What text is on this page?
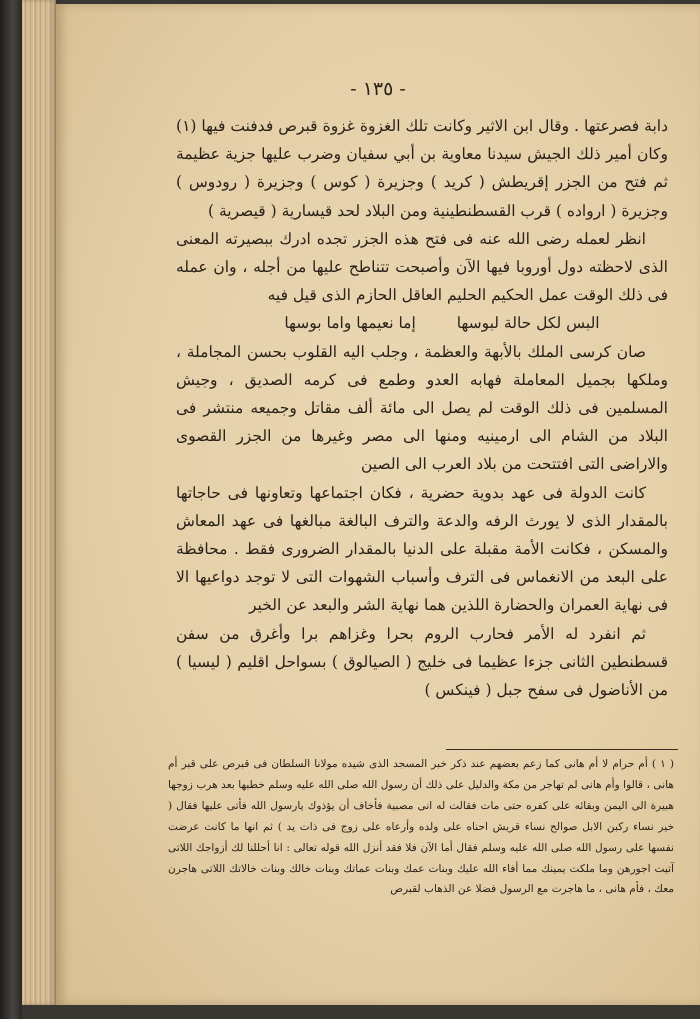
- ١٣٥ -

دابة فصرعتها . وقال ابن الاثير وكانت تلك الغزوة غزوة قبرص فدفنت فيها (١) وكان أمير ذلك الجيش سيدنا معاوية بن أبي سفيان وضرب عليها جزية عظيمة ثم فتح من الجزر إقريطش ( كريد ) وجزيرة ( كوس ) وجزيرة ( رودوس ) وجزيرة ( ارواده ) قرب القسطنطينية ومن البلاد لحد قيسارية ( قيصرية )

انظر لعمله رضى الله عنه فى فتح هذه الجزر تجده ادرك ببصيرته المعنى الذى لاحظته دول أوروبا فيها الآن وأصبحت تتناطح عليها من أجله ، وان عمله فى ذلك الوقت عمل الحكيم الحليم العاقل الحازم الذى قيل فيه

البس لكل حالة لبوسها إما نعيمها واما بوسها

صان كرسى الملك بالأبهة والعظمة ، وجلب اليه القلوب بحسن المجاملة ، وملكها بجميل المعاملة فهابه العدو وطمع فى كرمه الصديق ، وجيش المسلمين فى ذلك الوقت لم يصل الى مائة ألف مقاتل وجميعه منتشر فى البلاد من الشام الى ارمينيه ومنها الى مصر وغيرها من الجزر القصوى والاراضى التى افتتحت من بلاد العرب الى الصين

كانت الدولة فى عهد بدوية حضرية ، فكان اجتماعها وتعاونها فى حاجاتها بالمقدار الذى لا يورث الرفه والدعة والترف البالغة مبالغها فى عهد المعاش والمسكن ، فكانت الأمة مقبلة على الدنيا بالمقدار الضرورى فقط . محافظة على البعد من الانغماس فى الترف وأسباب الشهوات التى لا توجد دواعيها الا فى نهاية العمران والحضارة اللذين هما نهاية الشر والبعد عن الخير

ثم انفرد له الأمر فحارب الروم بحرا وغزاهم برا وأغرق من سفن قسطنطين الثانى جزءا عظيما فى خليج ( الصيالوق ) بسواحل اقليم ( ليسيا ) من الأناضول فى سفح جبل ( فينكس )

( ١ ) أم حرام لا أم هانى كما زعم بعضهم عند ذكر خبر المسجد الذى شيده مولانا السلطان فى قبرص على قبر أم هانى ، قالوا وأم هانى لم تهاجر من مكة والدليل على ذلك أن رسول الله صلى الله عليه وسلم خطبها بعد هرب زوجها هبيرة الى اليمن وبقائه على كفره حتى مات فقالت له انى مصبية فأخاف أن يؤذوك يارسول الله فأتى عليها فقال ( خير نساء ركبن الابل صوالح نساء قريش احناه على ولده وأرعاه على زوج فى ذات يد ) ثم انها ما كانت عرضت نفسها على رسول الله صلى الله عليه وسلم فقال أما الآن فلا فقد أنزل الله قوله تعالى : انا أحللنا لك أزواجك اللاتى آتيت اجورهن وما ملكت يمينك مما أفاء الله عليك وبنات عمك وبنات عماتك وبنات خالك وبنات خالاتك اللاتى هاجرن معك ، فأم هانى ، ما هاجرت مع الرسول فضلا عن الذهاب لقبرص
